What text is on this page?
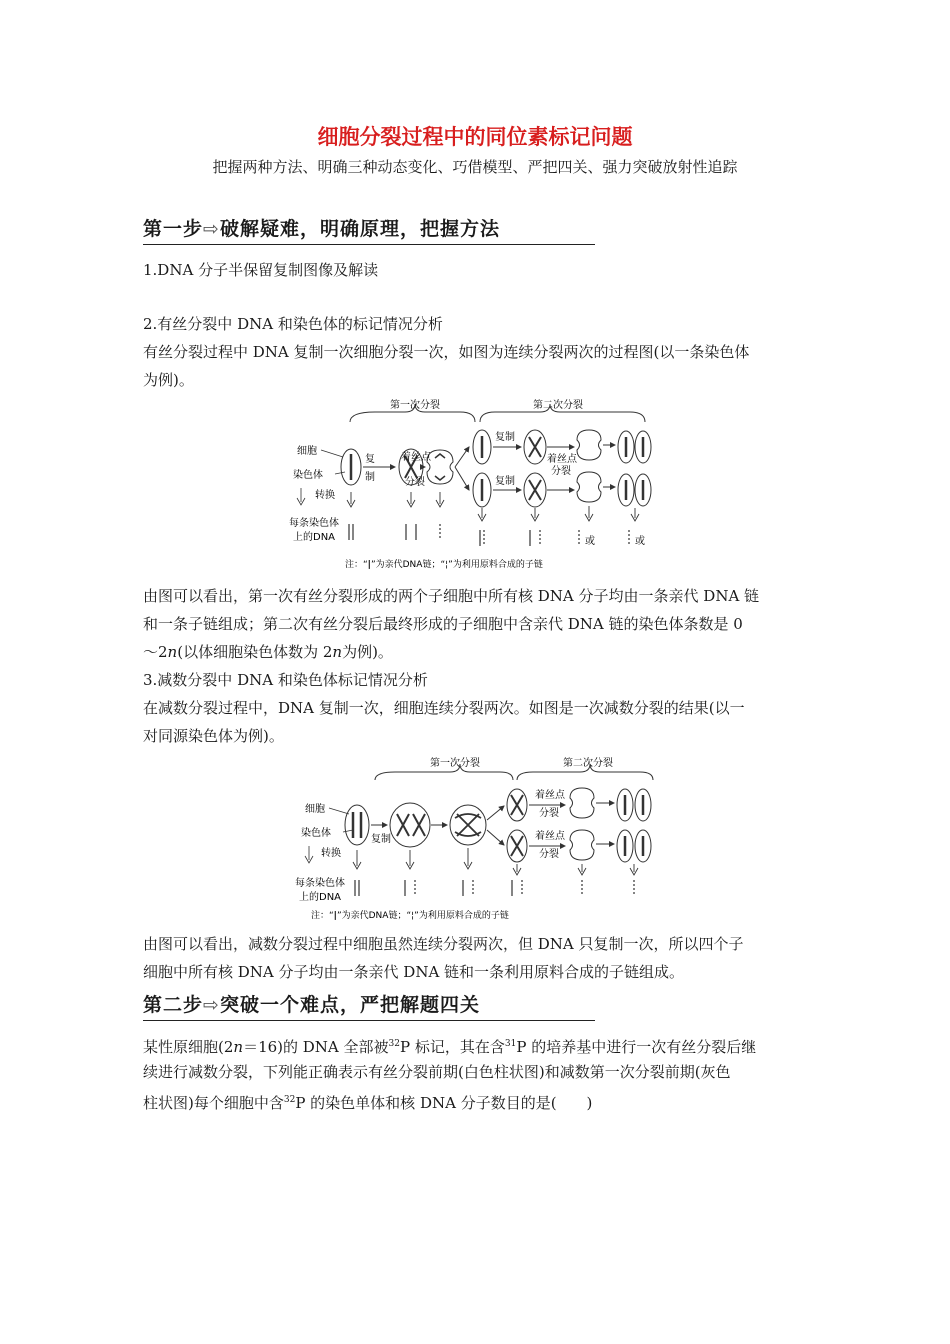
细胞分裂过程中的同位素标记问题
把握两种方法、明确三种动态变化、巧借模型、严把四关、强力突破放射性追踪
第一步⇨破解疑难，明确原理，把握方法
1.DNA 分子半保留复制图像及解读
2.有丝分裂中 DNA 和染色体的标记情况分析
有丝分裂过程中 DNA 复制一次细胞分裂一次，如图为连续分裂两次的过程图(以一条染色体
为例)。
第一次分裂	第二次分裂
细胞
染色体
转换
每条染色体
上的DNA
复
制
着丝点
分裂
复制
复制
着丝点
分裂
或	或
注：“|”为亲代DNA链；“¦”为利用原料合成的子链
由图可以看出，第一次有丝分裂形成的两个子细胞中所有核 DNA 分子均由一条亲代 DNA 链
和一条子链组成；第二次有丝分裂后最终形成的子细胞中含亲代 DNA 链的染色体条数是 0
～2n(以体细胞染色体数为 2n为例)。
3.减数分裂中 DNA 和染色体标记情况分析
在减数分裂过程中，DNA 复制一次，细胞连续分裂两次。如图是一次减数分裂的结果(以一
对同源染色体为例)。
第一次分裂	第二次分裂
细胞
染色体
转换
每条染色体
上的DNA
复制
着丝点
分裂
着丝点
分裂
注：“|”为亲代DNA链；“¦”为利用原料合成的子链
由图可以看出，减数分裂过程中细胞虽然连续分裂两次，但 DNA 只复制一次，所以四个子
细胞中所有核 DNA 分子均由一条亲代 DNA 链和一条利用原料合成的子链组成。
第二步⇨突破一个难点，严把解题四关
某性原细胞(2n＝16)的 DNA 全部被$^{32}$P 标记，其在含$^{31}$P 的培养基中进行一次有丝分裂后继
续进行减数分裂，下列能正确表示有丝分裂前期(白色柱状图)和减数第一次分裂前期(灰色
柱状图)每个细胞中含$^{32}$P 的染色单体和核 DNA 分子数目的是(　　)
